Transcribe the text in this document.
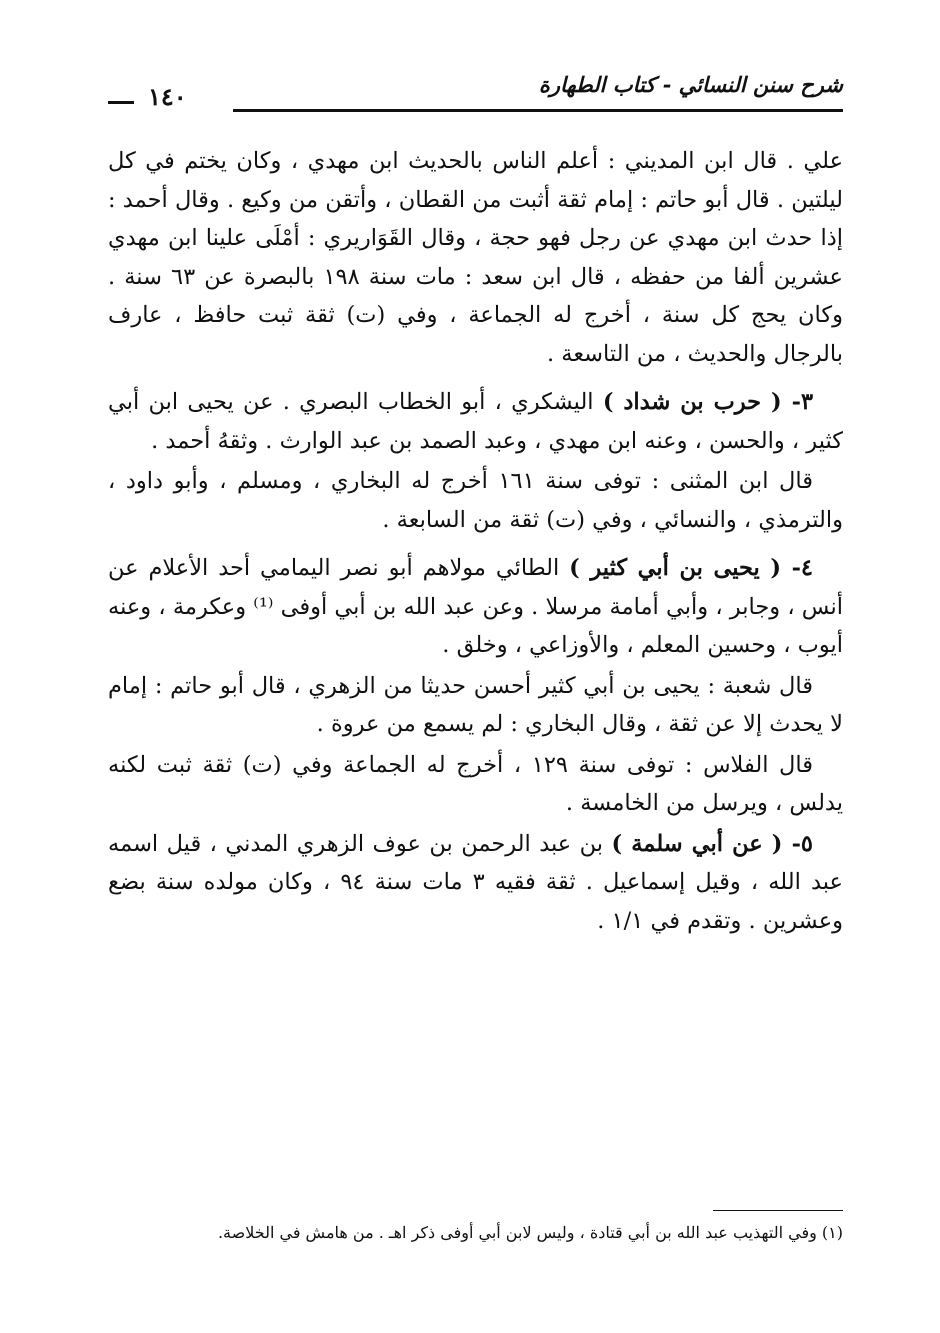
شرح سنن النسائي - كتاب الطهارة
١٤٠

علي . قال ابن المديني : أعلم الناس بالحديث ابن مهدي ، وكان يختم في كل ليلتين . قال أبو حاتم : إمام ثقة أثبت من القطان ، وأتقن من وكيع . وقال أحمد : إذا حدث ابن مهدي عن رجل فهو حجة ، وقال القَوَاريري : أمْلَى علينا ابن مهدي عشرين ألفا من حفظه ، قال ابن سعد : مات سنة ١٩٨ بالبصرة عن ٦٣ سنة . وكان يحج كل سنة ، أخرج له الجماعة ، وفي (ت) ثقة ثبت حافظ ، عارف بالرجال والحديث ، من التاسعة .

٣- ( حرب بن شداد ) اليشكري ، أبو الخطاب البصري . عن يحيى ابن أبي كثير ، والحسن ، وعنه ابن مهدي ، وعبد الصمد بن عبد الوارث . وثقهُ أحمد .

قال ابن المثنى : توفى سنة ١٦١ أخرج له البخاري ، ومسلم ، وأبو داود ، والترمذي ، والنسائي ، وفي (ت) ثقة من السابعة .

٤- ( يحيى بن أبي كثير ) الطائي مولاهم أبو نصر اليمامي أحد الأعلام عن أنس ، وجابر ، وأبي أمامة مرسلا . وعن عبد الله بن أبي أوفى ⁽¹⁾ وعكرمة ، وعنه أيوب ، وحسين المعلم ، والأوزاعي ، وخلق .

قال شعبة : يحيى بن أبي كثير أحسن حديثا من الزهري ، قال أبو حاتم : إمام لا يحدث إلا عن ثقة ، وقال البخاري : لم يسمع من عروة .

قال الفلاس : توفى سنة ١٢٩ ، أخرج له الجماعة وفي (ت) ثقة ثبت لكنه يدلس ، ويرسل من الخامسة .

٥- ( عن أبي سلمة ) بن عبد الرحمن بن عوف الزهري المدني ، قيل اسمه عبد الله ، وقيل إسماعيل . ثقة فقيه ٣ مات سنة ٩٤ ، وكان مولده سنة بضع وعشرين . وتقدم في ١/١ .

(١) وفي التهذيب عبد الله بن أبي قتادة ، وليس لابن أبي أوفى ذكر اهـ . من هامش في الخلاصة.
